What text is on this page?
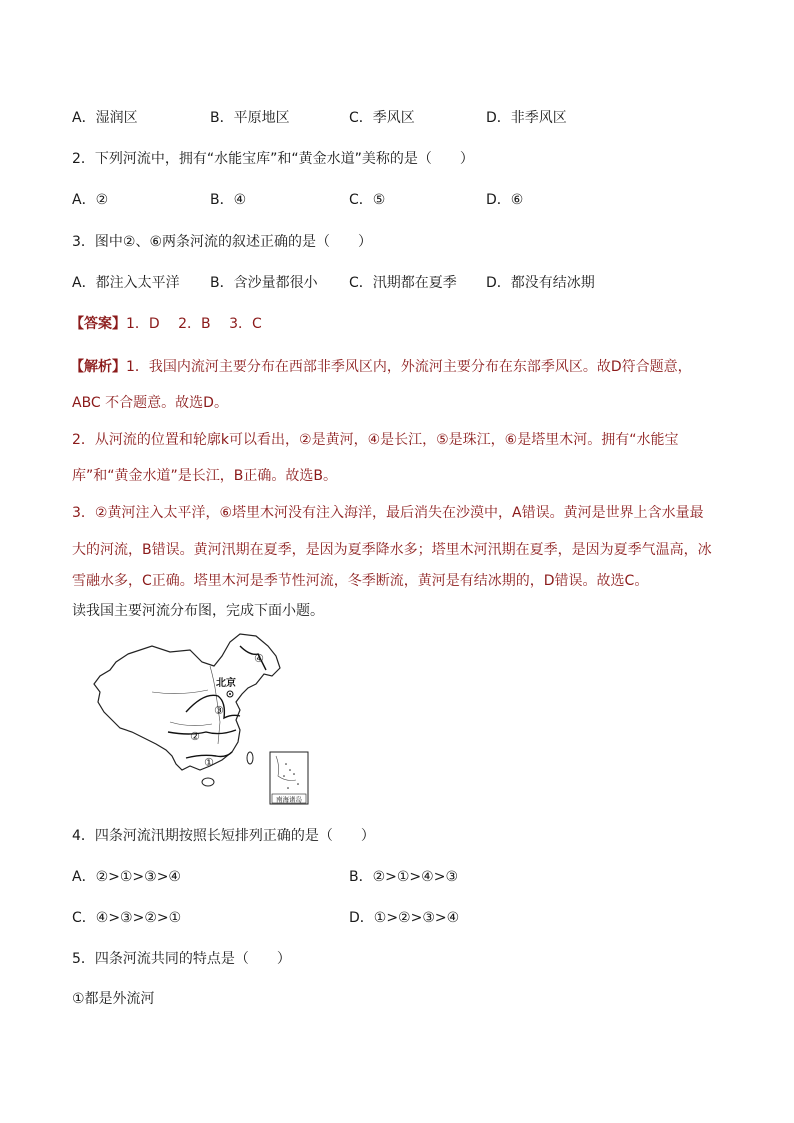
A．湿润区	B．平原地区	C．季风区	D．非季风区
2．下列河流中，拥有“水能宝库”和“黄金水道”美称的是（　　）
A．②	B．④	C．⑤	D．⑥
3．图中②、⑥两条河流的叙述正确的是（　　）
A．都注入太平洋 B．含沙量都很小 C．汛期都在夏季 D．都没有结冰期
【答案】1．D　 2．B　 3．C
【解析】1．我国内流河主要分布在西部非季风区内，外流河主要分布在东部季风区。故D符合题意，
ABC 不合题意。故选D。
2．从河流的位置和轮廓k可以看出，②是黄河，④是长江，⑤是珠江，⑥是塔里木河。拥有“水能宝
库”和“黄金水道”是长江，B正确。故选B。
3．②黄河注入太平洋，⑥塔里木河没有注入海洋，最后消失在沙漠中，A错误。黄河是世界上含水量最
大的河流，B错误。黄河汛期在夏季，是因为夏季降水多；塔里木河汛期在夏季，是因为夏季气温高，冰
雪融水多，C正确。塔里木河是季节性河流，冬季断流，黄河是有结冰期的，D错误。故选C。
读我国主要河流分布图，完成下面小题。
北京
④
③
②
①
南海诸岛
4．四条河流汛期按照长短排列正确的是（　　）
A．②>①>③>④	B．②>①>④>③
C．④>③>②>①	D．①>②>③>④
5．四条河流共同的特点是（　　）
①都是外流河
